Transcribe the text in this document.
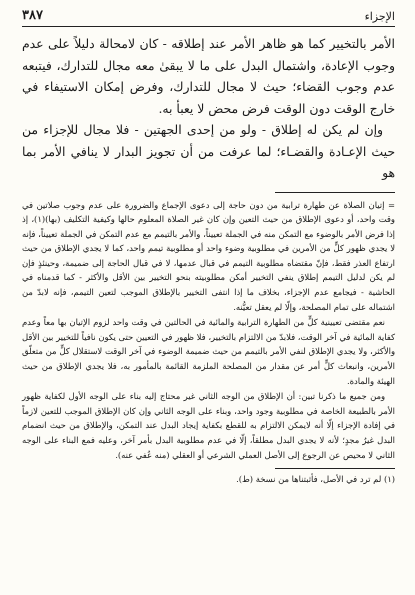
الإجزاء
٣٨٧

الأمر بالتخيير كما هو ظاهر الأمر عند إطلاقه - كان لامحالة دليلاً على عدم وجوب الإعادة، واشتمال البدل على ما لا يبقىٰ معه مجال للتدارك، فيتبعه عدم وجوب القضاء؛ حيث لا مجال للتدارك، وفرض إمكان الاستيفاء في خارج الوقت دون الوقت فرض محض لا يعبأ به.

وإن لم يكن له إطلاق - ولو من إحدى الجهتين - فلا مجال للإجزاء من حيث الإعـادة والقضـاء؛ لما عرفت من أن تجويز البدار لا ينافي الأمر بما هو

= إتيان الصلاة عن طهارة ترابية من دون حاجة إلى دعوى الإجماع والضرورة على عدم وجوب صلاتين في وقت واحد، أو دعوى الإطلاق من حيث التعين وإن كان غير الصلاة المعلوم حالها وكيفية التكليف (بها)(١)، إذ إذا فرض الأمر بالوضوء مع التمكن منه في الجملة تعييناً، والأمر بالتيمم مع عدم التمكن في الجملة تعييناً، فإنه لا يجدي ظهور كلٍّ من الأمرين في مطلوبية وضوء واحد أو مطلوبية تيمم واحد، كما لا يجدي الإطلاق من حيث ارتفاع العذر فقط، فإنّ مقتضاه مطلوبية التيمم في قبال عدمها، لا في قبال الحاجة إلى ضميمة، وحينئذٍ فإن لم يكن لدليل التيمم إطلاق ينفي التخيير أمكن مطلوبيته بنحو التخيير بين الأقل والأكثر - كما قدمناه في الحاشية - فيجامع عدم الإجزاء، بخلاف ما إذا انتفى التخيير بالإطلاق الموجب لتعين التيمم، فإنه لابدّ من اشتماله على تمام المصلحة، وإلّا لم يعقل تعيُّنه.

نعم مقتضى تعيينية كلٍّ من الطهارة الترابية والمائية في الحالتين في وقت واحد لزوم الإتيان بها معاً وعدم كفاية المائية في آخر الوقت، فلابدّ من الالتزام بالتخيير، فلا ظهور في التعيين حتى يكون نافياً للتخيير بين الأقل والأكثر، ولا يجدي الإطلاق لنفي الأمر بالتيمم من حيث ضميمة الوضوء في آخر الوقت لاستقلال كلٍّ من متعلّق الأمرين، وانبعاث كلٍّ أمر عن مقدار من المصلحة الملزمة القائمة بالمأمور به، فلا يجدي الإطلاق من حيث الهيئة والمادة.

ومن جميع ما ذكرنا تبين: أن الإطلاق من الوجه الثاني غير محتاج إليه بناء على الوجه الأول لكفاية ظهور الأمر بالطبيعة الخاصة في مطلوبية وجود واحد، وبناء على الوجه الثاني وإن كان الإطلاق الموجب للتعين لازماً في إفادة الإجزاء إلّا أنه لايمكن الالتزام به للقطع بكفاية إيجاد البدل عند التمكن، والإطلاق من حيث انضمام البدل غيرُ مجدٍ؛ لأنه لا يجدي البدل مطلقاً، إلّا في عدم مطلوبية البدل بأمر آخر، وعليه فمع البناء على الوجه الثاني لا محيص عن الرجوع إلى الأصل العملي الشرعي أو العقلي (منه عُفي عنه).

(١) لم ترد في الأصل، فأثبتناها من نسخة (ط).
